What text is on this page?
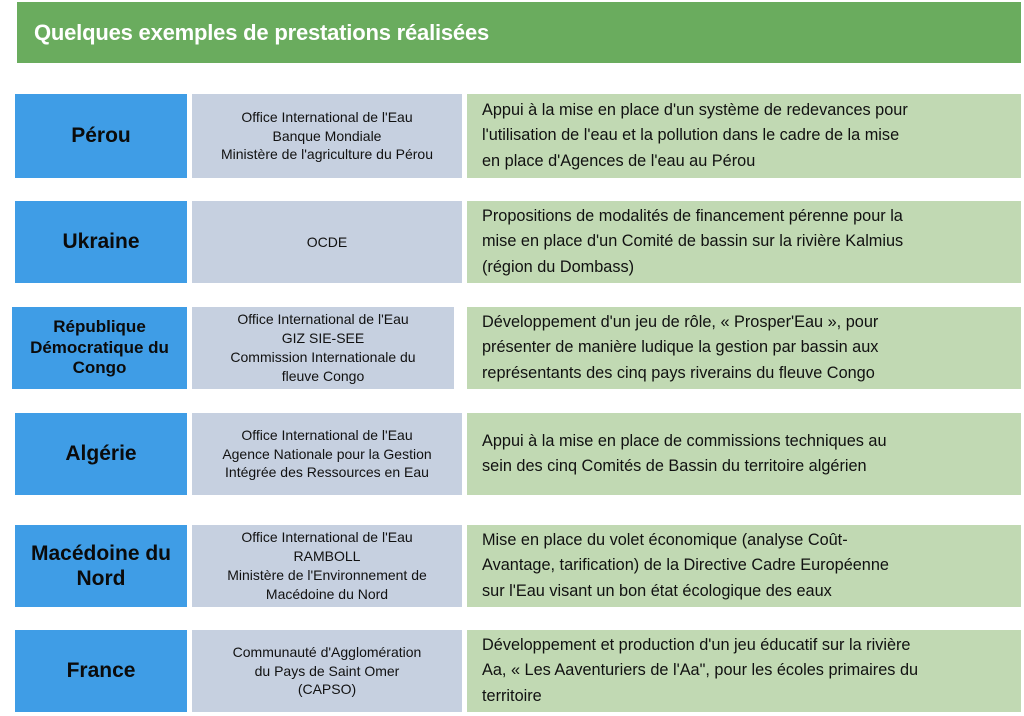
Quelques exemples de prestations réalisées
Pérou
Office International de l'Eau
Banque Mondiale
Ministère de l'agriculture du Pérou
Appui à la mise en place d'un système de redevances pour
l'utilisation de l'eau et la pollution dans le cadre de la mise
en place d'Agences de l'eau au Pérou
Ukraine	OCDE
Propositions de modalités de financement pérenne pour la
mise en place d'un Comité de bassin sur la rivière Kalmius
(région du Dombass)
République
Démocratique du
Congo
Office International de l'Eau
GIZ SIE-SEE
Commission Internationale du
fleuve Congo
Développement d'un jeu de rôle, « Prosper'Eau », pour
présenter de manière ludique la gestion par bassin aux
représentants des cinq pays riverains du fleuve Congo
Algérie
Office International de l'Eau
Agence Nationale pour la Gestion
Intégrée des Ressources en Eau
Appui à la mise en place de commissions techniques au
sein des cinq Comités de Bassin du territoire algérien
Macédoine du
Nord
Office International de l'Eau
RAMBOLL
Ministère de l'Environnement de
Macédoine du Nord
Mise en place du volet économique (analyse Coût-
Avantage, tarification) de la Directive Cadre Européenne
sur l'Eau visant un bon état écologique des eaux
France
Communauté d'Agglomération
du Pays de Saint Omer
(CAPSO)
Développement et production d'un jeu éducatif sur la rivière
Aa, « Les Aaventuriers de l'Aa", pour les écoles primaires du
territoire
